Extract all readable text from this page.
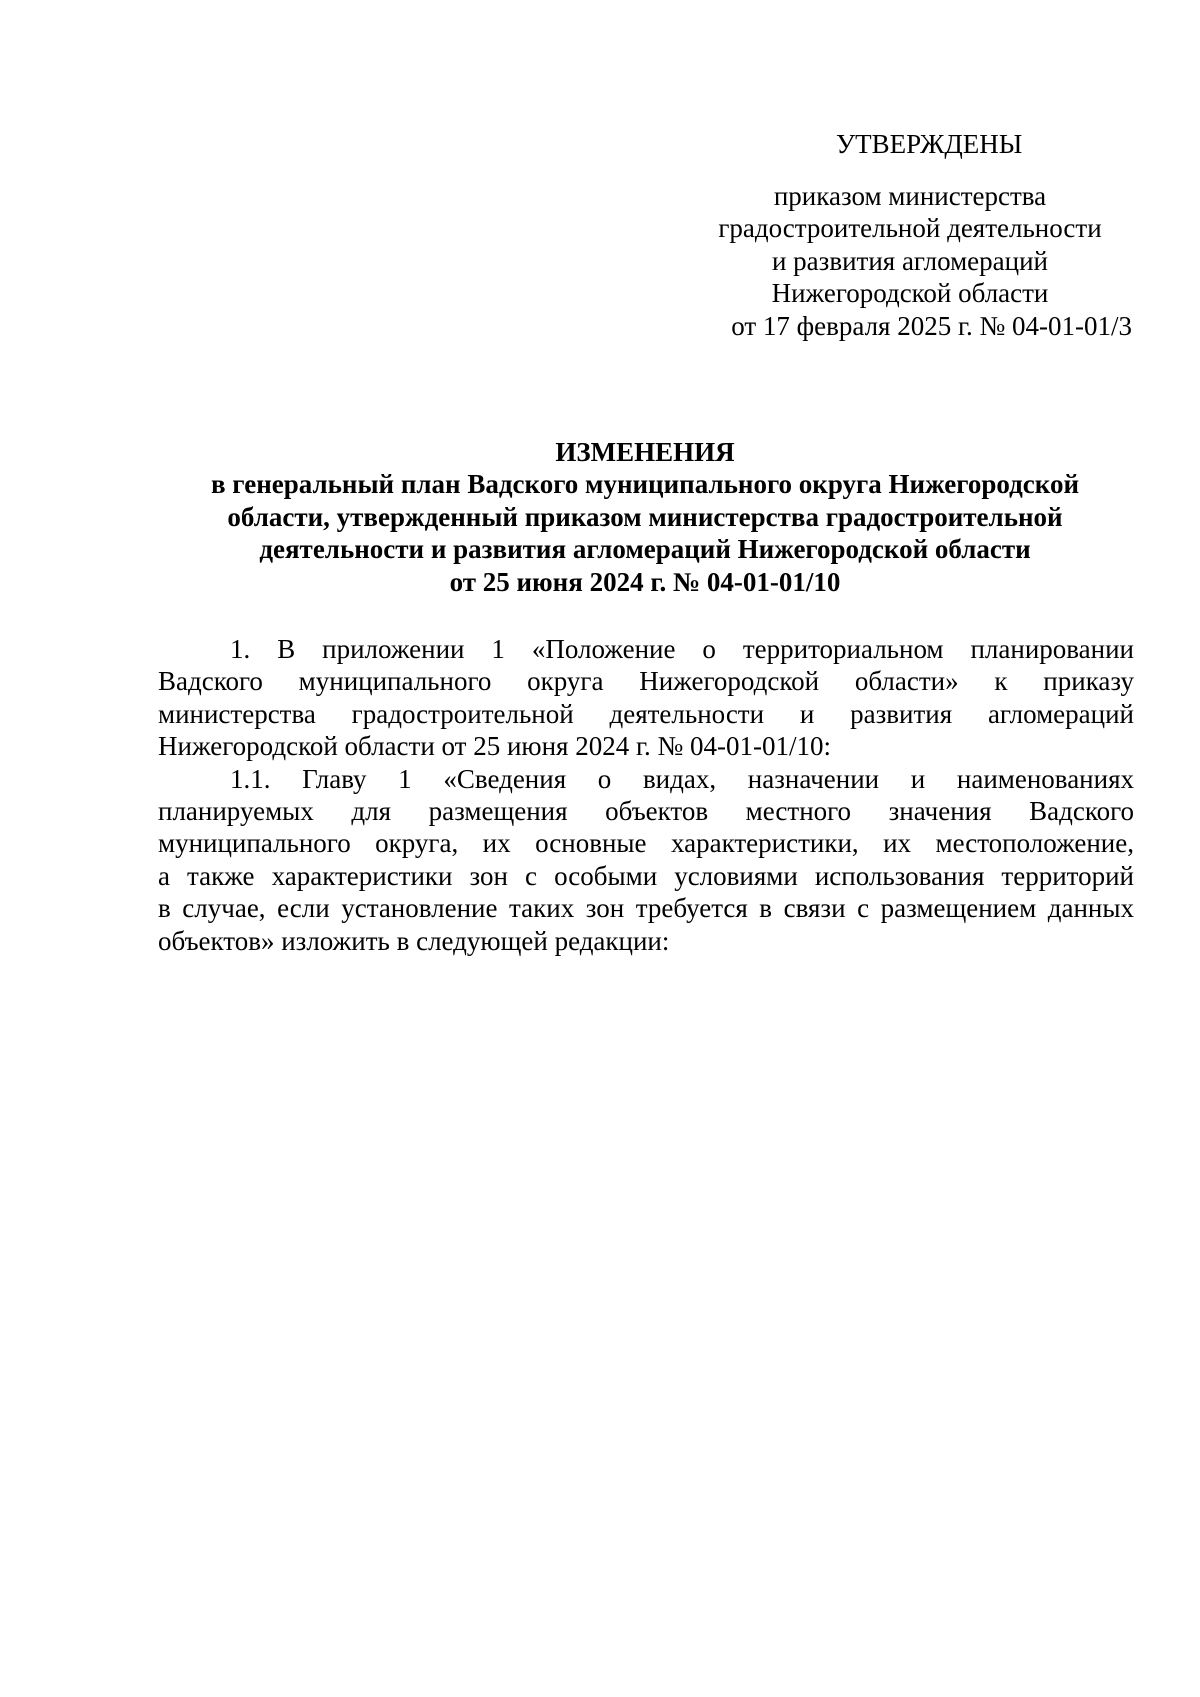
УТВЕРЖДЕНЫ
приказом министерства
градостроительной деятельности
и развития агломераций
Нижегородской области
от 17 февраля 2025 г. № 04-01-01/3
ИЗМЕНЕНИЯ
в генеральный план Вадского муниципального округа Нижегородской
области, утвержденный приказом министерства градостроительной
деятельности и развития агломераций Нижегородской области
от 25 июня 2024 г. № 04-01-01/10
1. В приложении 1 «Положение о территориальном планировании
Вадского муниципального округа Нижегородской области» к приказу
министерства градостроительной деятельности и развития агломераций
Нижегородской области от 25 июня 2024 г. № 04-01-01/10:
1.1. Главу 1 «Сведения о видах, назначении и наименованиях
планируемых для размещения объектов местного значения Вадского
муниципального округа, их основные характеристики, их местоположение,
а также характеристики зон с особыми условиями использования территорий
в случае, если установление таких зон требуется в связи с размещением данных
объектов» изложить в следующей редакции:
